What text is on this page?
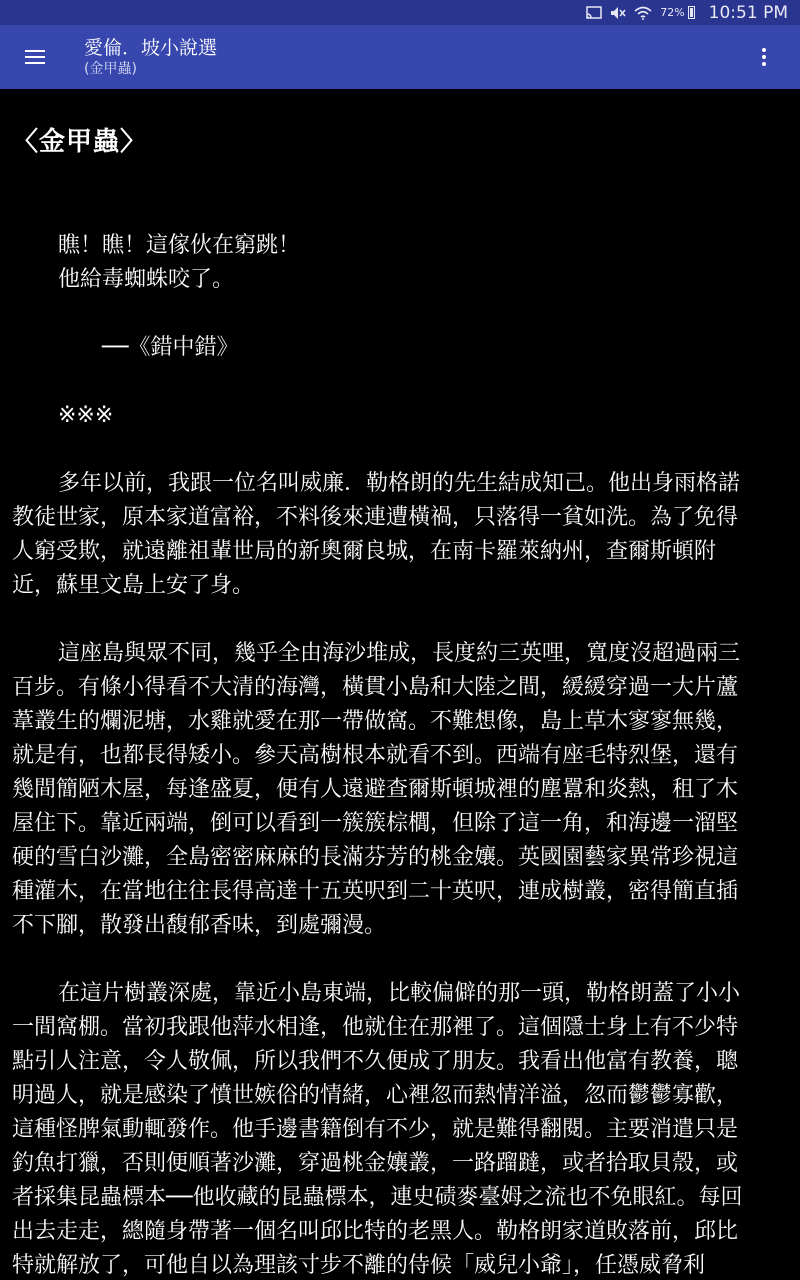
72% 10:51 PM
愛倫．坡小說選
(金甲蟲)
〈金甲蟲〉
瞧！瞧！這傢伙在窮跳！
他給毒蜘蛛咬了。
──《錯中錯》
※※※
多年以前，我跟一位名叫威廉．勒格朗的先生結成知己。他出身雨格諾
教徒世家，原本家道富裕，不料後來連遭橫禍，只落得一貧如洗。為了免得
人窮受欺，就遠離祖輩世局的新奧爾良城，在南卡羅萊納州，查爾斯頓附
近，蘇里文島上安了身。
這座島與眾不同，幾乎全由海沙堆成，長度約三英哩，寬度沒超過兩三
百步。有條小得看不大清的海灣，橫貫小島和大陸之間，緩緩穿過一大片蘆
葦叢生的爛泥塘，水雞就愛在那一帶做窩。不難想像，島上草木寥寥無幾，
就是有，也都長得矮小。參天高樹根本就看不到。西端有座毛特烈堡，還有
幾間簡陋木屋，每逢盛夏，便有人遠避查爾斯頓城裡的塵囂和炎熱，租了木
屋住下。靠近兩端，倒可以看到一簇簇棕櫚，但除了這一角，和海邊一溜堅
硬的雪白沙灘，全島密密麻麻的長滿芬芳的桃金孃。英國園藝家異常珍視這
種灌木，在當地往往長得高達十五英呎到二十英呎，連成樹叢，密得簡直插
不下腳，散發出馥郁香味，到處彌漫。
在這片樹叢深處，靠近小島東端，比較偏僻的那一頭，勒格朗蓋了小小
一間窩棚。當初我跟他萍水相逢，他就住在那裡了。這個隱士身上有不少特
點引人注意，令人敬佩，所以我們不久便成了朋友。我看出他富有教養，聰
明過人，就是感染了憤世嫉俗的情緒，心裡忽而熱情洋溢，忽而鬱鬱寡歡，
這種怪脾氣動輒發作。他手邊書籍倒有不少，就是難得翻閱。主要消遣只是
釣魚打獵，否則便順著沙灘，穿過桃金孃叢，一路蹓躂，或者拾取貝殼，或
者採集昆蟲標本──他收藏的昆蟲標本，連史碛麥臺姆之流也不免眼紅。每回
出去走走，總隨身帶著一個名叫邱比特的老黑人。勒格朗家道敗落前，邱比
特就解放了，可他自以為理該寸步不離的侍候「威兒小爺」，任憑威脅利
